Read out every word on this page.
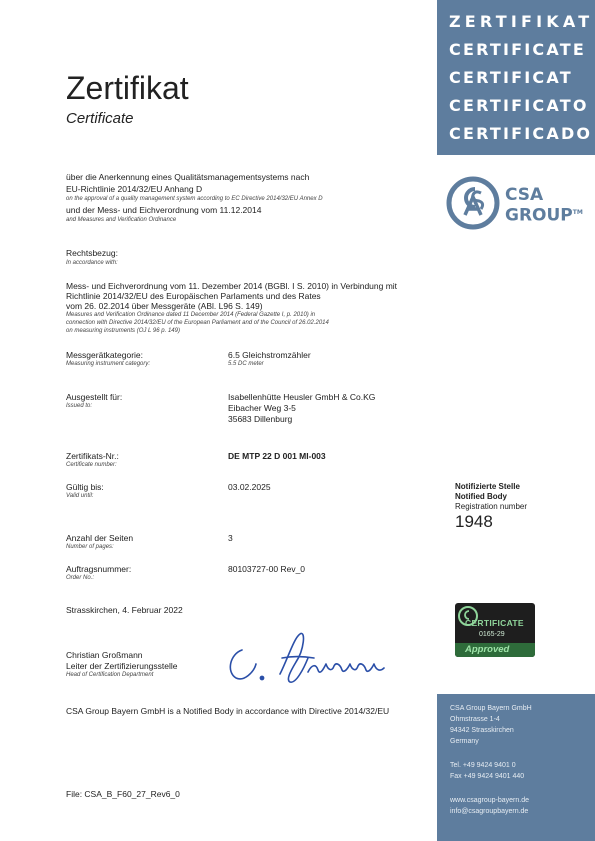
ZERTIFIKAT
CERTIFICATE
CERTIFICAT
CERTIFICATO
CERTIFICADO
CSA
GROUP™
Notifizierte Stelle
Notified Body
Registration number
1948
CERTIFICATE
0165-29
Approved
CSA Group Bayern GmbH
Ohmstrasse 1-4
94342 Strasskirchen
Germany
Tel. +49 9424 9401 0
Fax +49 9424 9401 440
www.csagroup-bayern.de
info@csagroupbayern.de
Zertifikat
Certificate
über die Anerkennung eines Qualitätsmanagementsystems nach
EU-Richtlinie 2014/32/EU Anhang D
on the approval of a quality management system according to EC Directive 2014/32/EU Annex D
und der Mess- und Eichverordnung vom 11.12.2014
and Measures and Verification Ordinance
Rechtsbezug:
In accordance with:
Mess- und Eichverordnung vom 11. Dezember 2014 (BGBl. I S. 2010) in Verbindung mit
Richtlinie 2014/32/EU des Europäischen Parlaments und des Rates
vom 26. 02.2014 über Messgeräte (ABl. L96 S. 149)
Measures and Verification Ordinance dated 11 December 2014 (Federal Gazette I, p. 2010) in
connection with Directive 2014/32/EU of the European Parliament and of the Council of 26.02.2014
on measuring instruments (OJ L 96 p. 149)
Messgerätkategorie:
Measuring instrument category:
6.5 Gleichstromzähler
5.5 DC meter
Ausgestellt für:
Issued to:
Isabellenhütte Heusler GmbH & Co.KG
Eibacher Weg 3-5
35683 Dillenburg
Zertifikats-Nr.:
Certificate number:
DE MTP 22 D 001 MI-003
Gültig bis:
Valid until:
03.02.2025
Anzahl der Seiten
Number of pages:
3
Auftragsnummer:
Order No.:
80103727-00 Rev_0
Strasskirchen, 4. Februar 2022
Christian Großmann
Leiter der Zertifizierungsstelle
Head of Certification Department
CSA Group Bayern GmbH is a Notified Body in accordance with Directive 2014/32/EU
File: CSA_B_F60_27_Rev6_0
